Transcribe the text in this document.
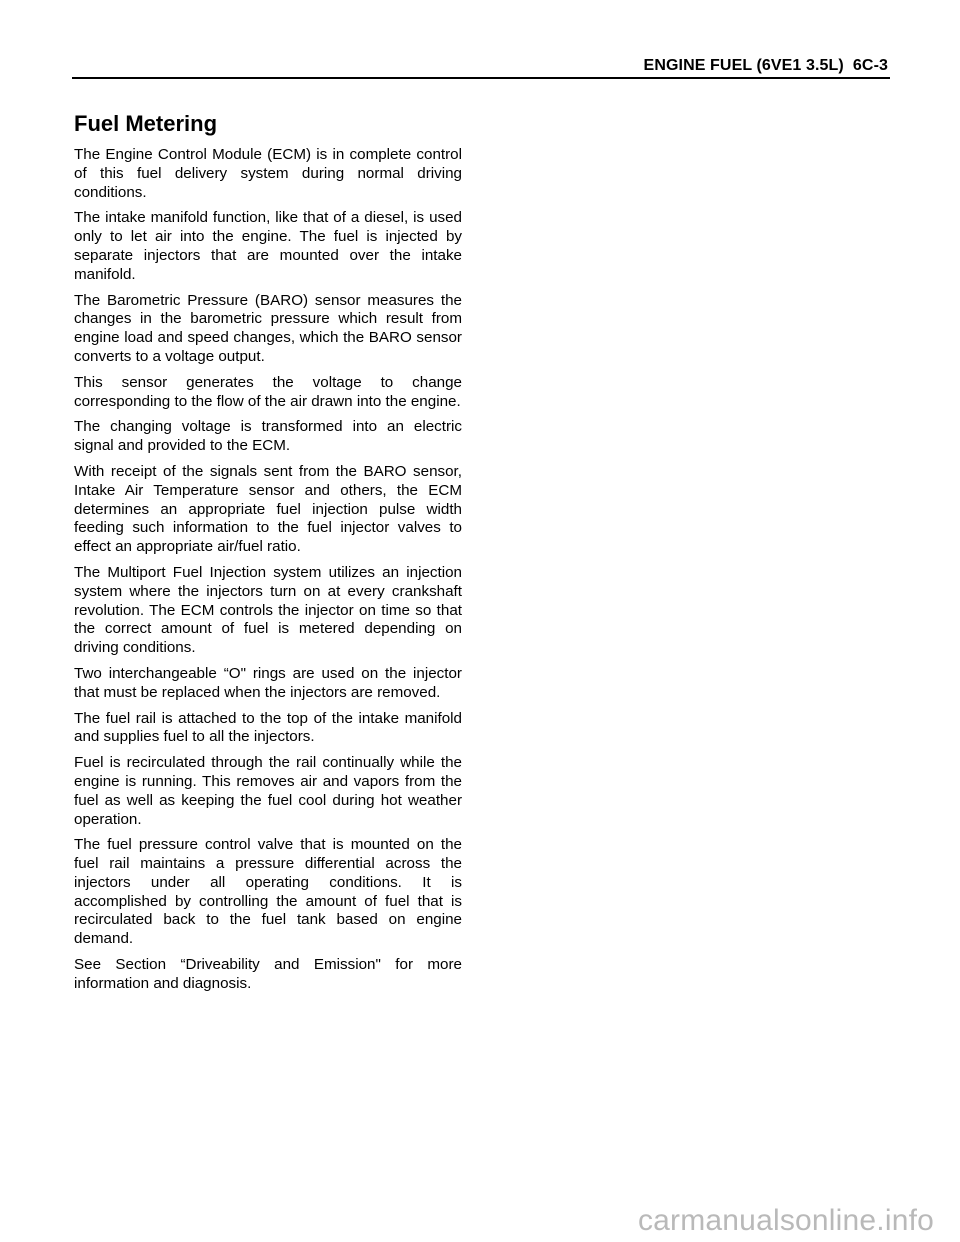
ENGINE FUEL (6VE1 3.5L)  6C-3
Fuel Metering

The Engine Control Module (ECM) is in complete control of this fuel delivery system during normal driving conditions.

The intake manifold function, like that of a diesel, is used only to let air into the engine. The fuel is injected by separate injectors that are mounted over the intake manifold.

The Barometric Pressure (BARO) sensor measures the changes in the barometric pressure which result from engine load and speed changes, which the BARO sensor converts to a voltage output.

This sensor generates the voltage to change corresponding to the flow of the air drawn into the engine.

The changing voltage is transformed into an electric signal and provided to the ECM.

With receipt of the signals sent from the BARO sensor, Intake Air Temperature sensor and others, the ECM determines an appropriate fuel injection pulse width feeding such information to the fuel injector valves to effect an appropriate air/fuel ratio.

The Multiport Fuel Injection system utilizes an injection system where the injectors turn on at every crankshaft revolution. The ECM controls the injector on time so that the correct amount of fuel is metered depending on driving conditions.

Two interchangeable “O" rings are used on the injector that must be replaced when the injectors are removed.

The fuel rail is attached to the top of the intake manifold and supplies fuel to all the injectors.

Fuel is recirculated through the rail continually while the engine is running. This removes air and vapors from the fuel as well as keeping the fuel cool during hot weather operation.

The fuel pressure control valve that is mounted on the fuel rail maintains a pressure differential across the injectors under all operating conditions. It is accomplished by controlling the amount of fuel that is recirculated back to the fuel tank based on engine demand.

See Section “Driveability and Emission" for more information and diagnosis.

carmanualsonline.info
